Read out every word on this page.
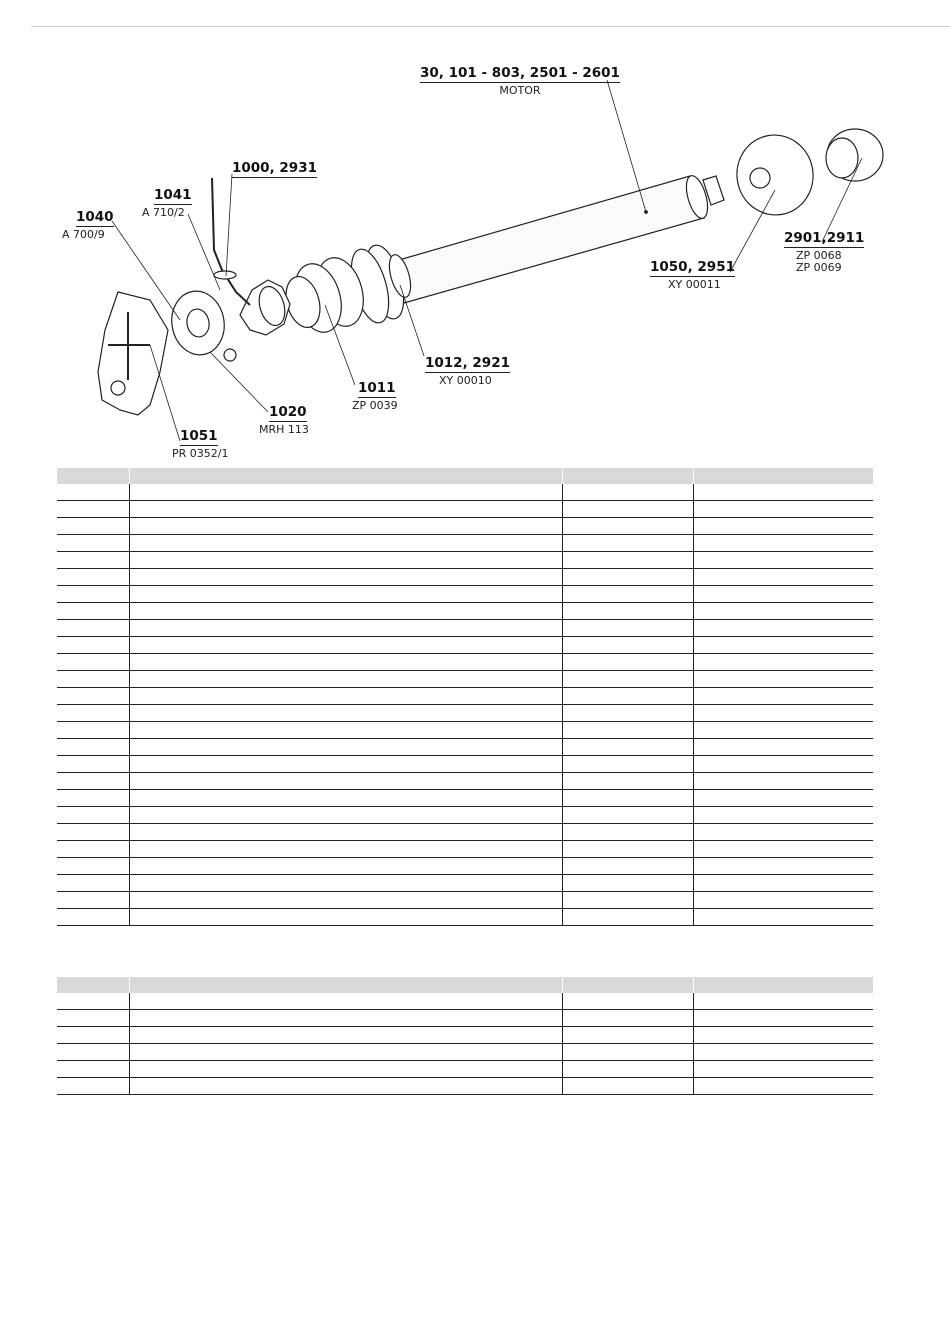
30, 101 - 803, 2501 - 2601
MOTOR
1000, 2931
1041
A 710/2
1040
A 700/9
1050, 2951
XY 00011
2901,2911
ZP 0068
ZP 0069
1012, 2921
XY 00010
1011
ZP 0039
1020
MRH 113
1051
PR 0352/1
